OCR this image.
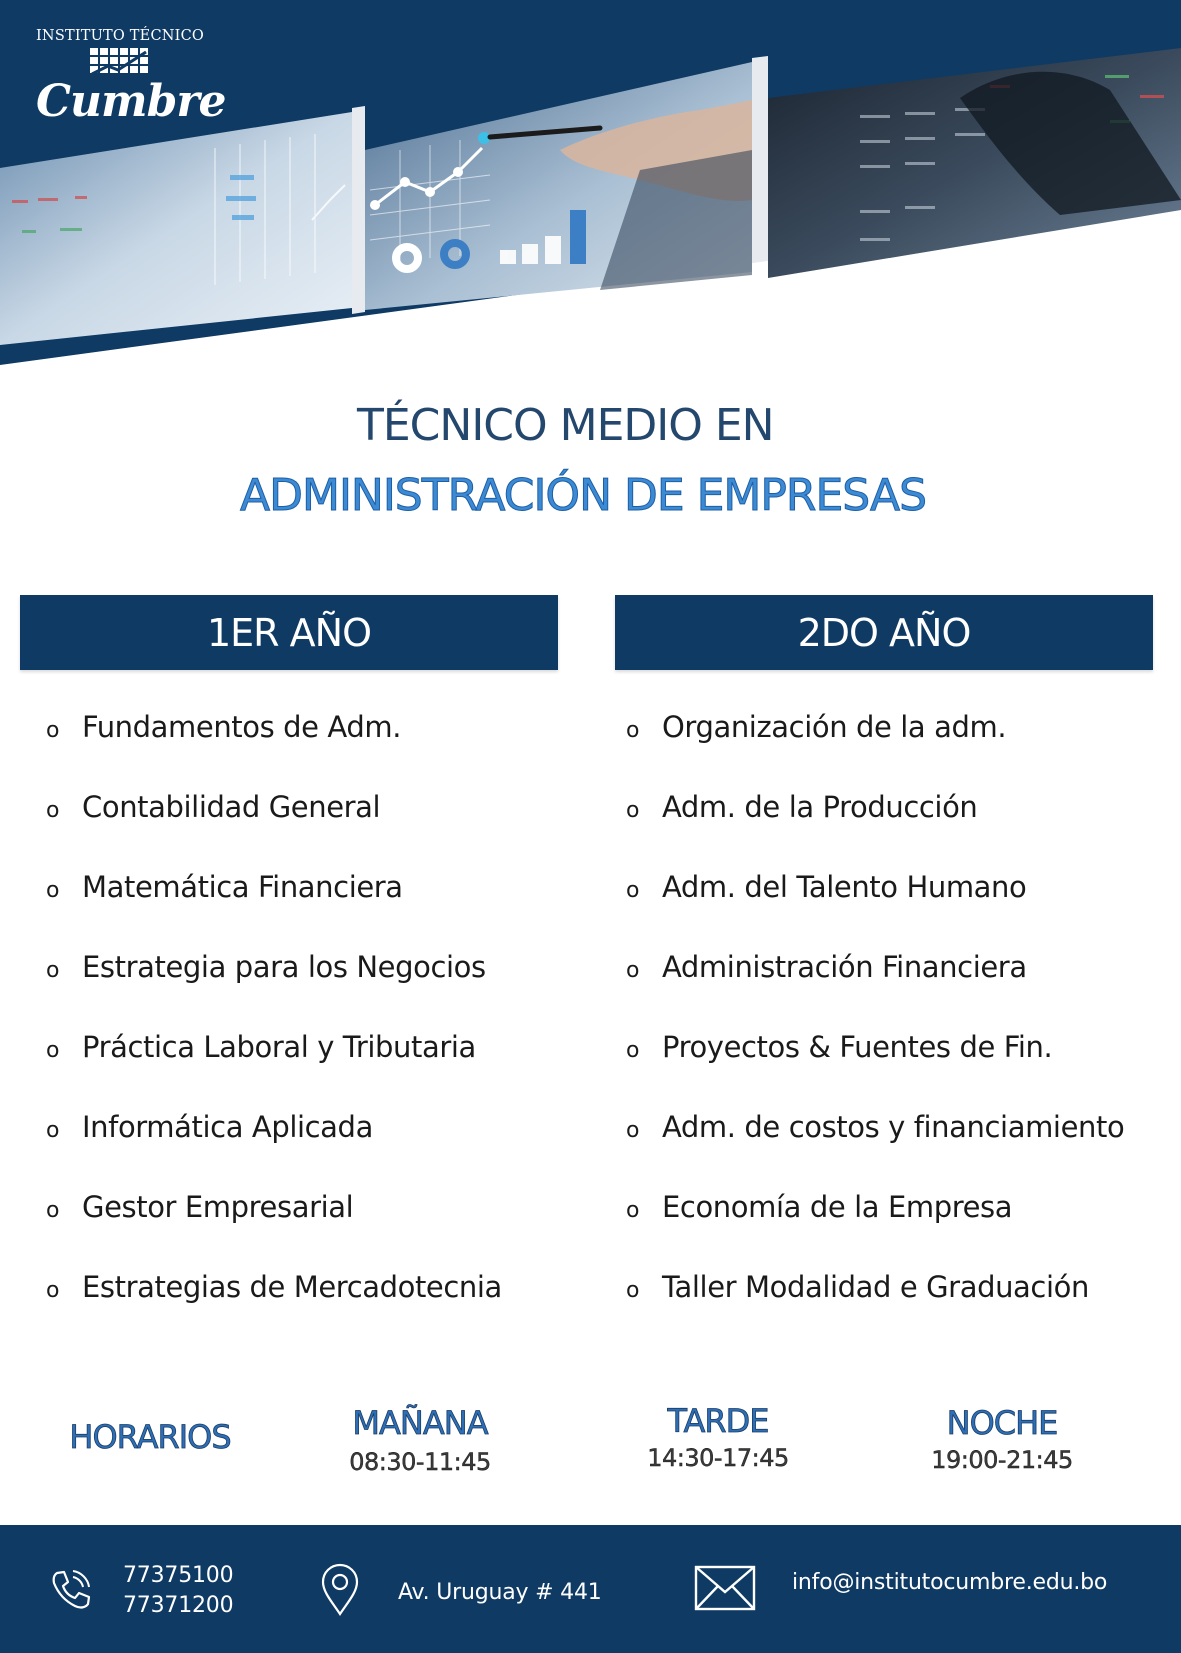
INSTITUTO TÉCNICO
Cumbre
TÉCNICO MEDIO EN
ADMINISTRACIÓN DE EMPRESAS
1ER AÑO	2DO AÑO
o Fundamentos de Adm.
o Contabilidad General
o Matemática Financiera
o Estrategia para los Negocios
o Práctica Laboral y Tributaria
o Informática Aplicada
o Gestor Empresarial
o Estrategias de Mercadotecnia
o Organización de la adm.
o Adm. de la Producción
o Adm. del Talento Humano
o Administración Financiera
o Proyectos & Fuentes de Fin.
o Adm. de costos y financiamiento
o Economía de la Empresa
o Taller Modalidad e Graduación
HORARIOS	MAÑANA
08:30-11:45
TARDE
14:30-17:45
NOCHE
19:00-21:45
77375100
77371200
Av. Uruguay # 441	info@institutocumbre.edu.bo
